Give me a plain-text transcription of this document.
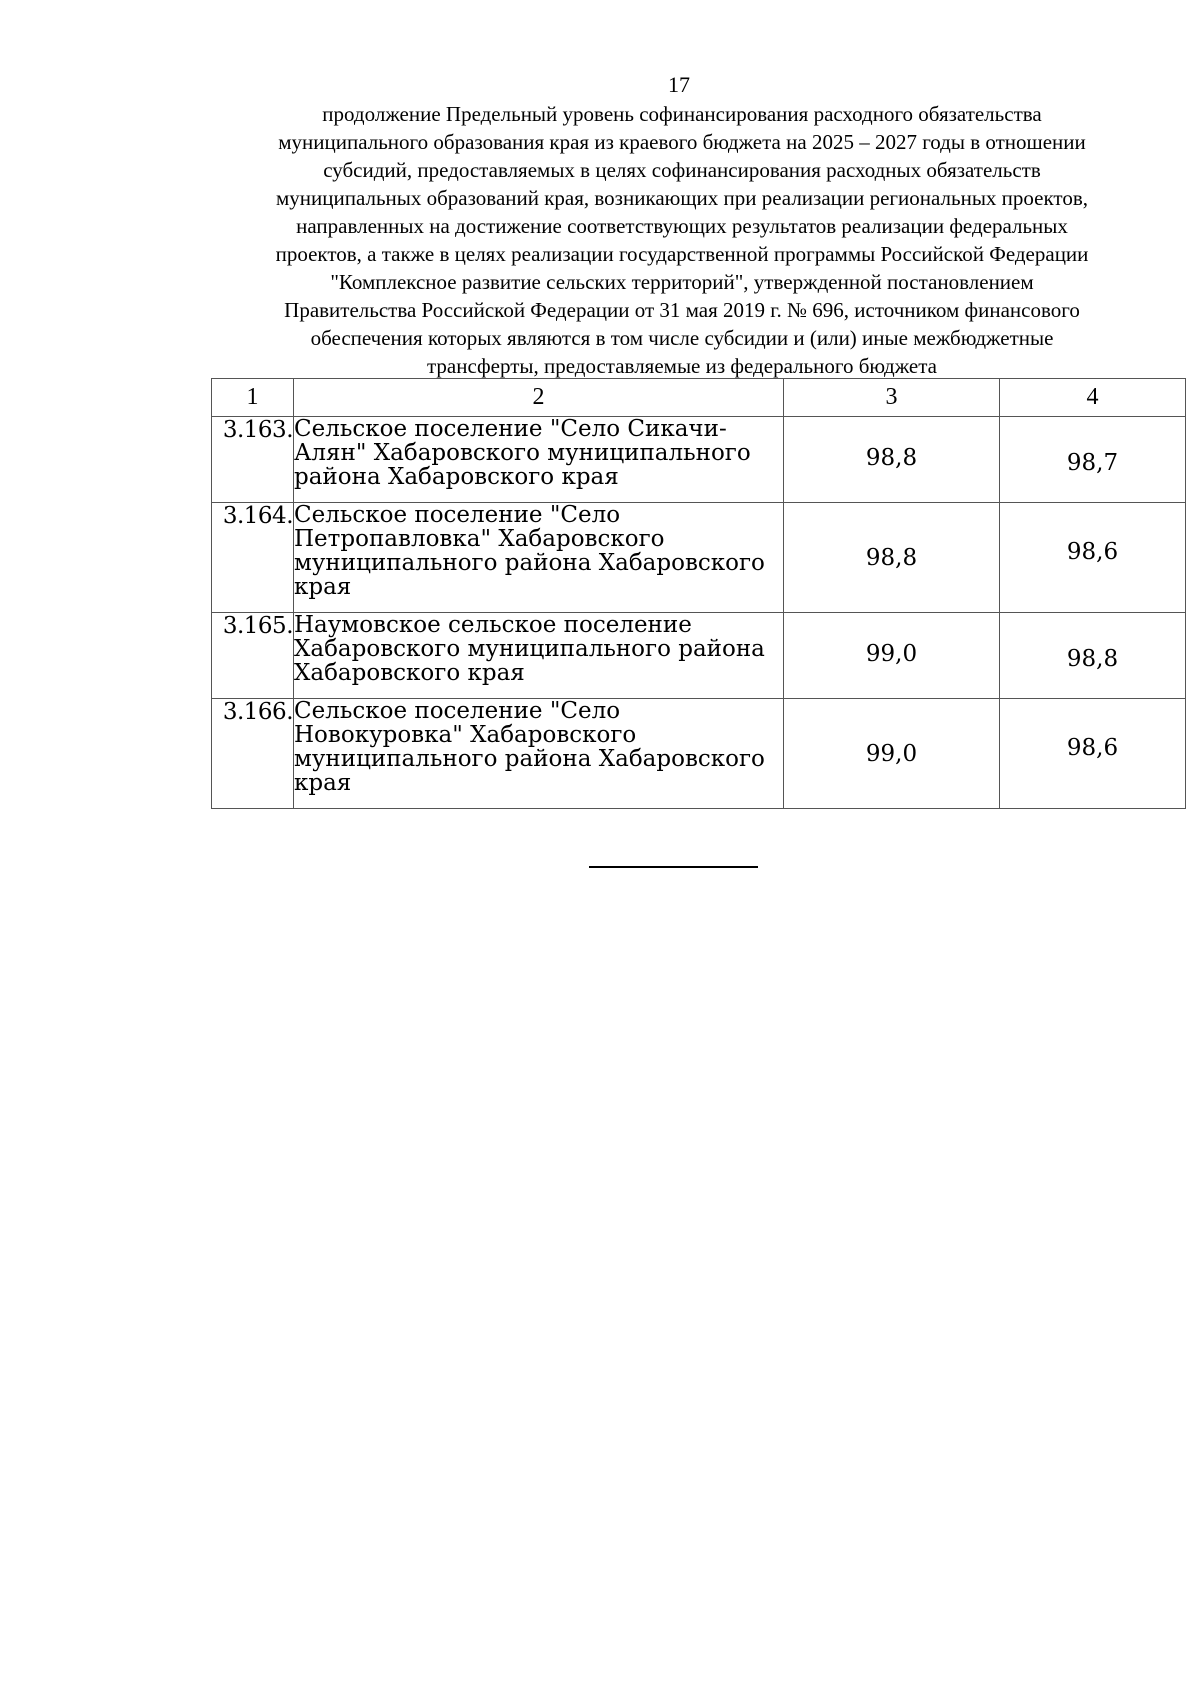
17
продолжение Предельный уровень софинансирования расходного обязательства
муниципального образования края из краевого бюджета на 2025 – 2027 годы в отношении
субсидий, предоставляемых в целях софинансирования расходных обязательств
муниципальных образований края, возникающих при реализации региональных проектов,
направленных на достижение соответствующих результатов реализации федеральных
проектов, а также в целях реализации государственной программы Российской Федерации
"Комплексное развитие сельских территорий", утвержденной постановлением
Правительства Российской Федерации от 31 мая 2019 г. № 696, источником финансового
обеспечения которых являются в том числе субсидии и (или) иные межбюджетные
трансферты, предоставляемые из федерального бюджета
1	2	3	4
3.163.	Сельское поселение "Село Сикачи-
Алян" Хабаровского муниципального
района Хабаровского края	98,8	98,7
3.164.	Сельское поселение "Село
Петропавловка" Хабаровского
муниципального района Хабаровского
края	98,8	98,6
3.165.	Наумовское сельское поселение
Хабаровского муниципального района
Хабаровского края	99,0	98,8
3.166.	Сельское поселение "Село
Новокуровка" Хабаровского
муниципального района Хабаровского
края	99,0	98,6
